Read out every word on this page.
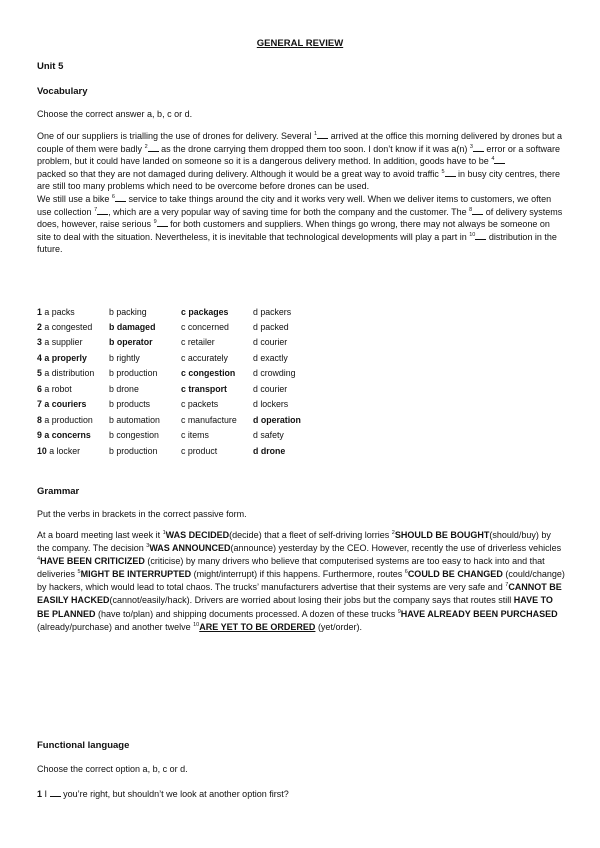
GENERAL REVIEW
Unit 5
Vocabulary
Choose the correct answer a, b, c or d.
One of our suppliers is trialling the use of drones for delivery. Several $^1$ arrived at the office this morning delivered by drones but a couple of them were badly $^2$ as the drone carrying them dropped them too soon. I don’t know if it was a(n) $^3$ error or a software problem, but it could have landed on someone so it is a dangerous delivery method. In addition, goods have to be $^4$
packed so that they are not damaged during delivery. Although it would be a great way to avoid traffic $^5$ in busy city centres, there are still too many problems which need to be overcome before drones can be used.
We still use a bike $^6$ service to take things around the city and it works very well. When we deliver items to customers, we often use collection $^7$ , which are a very popular way of saving time for both the company and the customer. The $^8$ of delivery systems does, however, raise serious $^9$ for both customers and suppliers. When things go wrong, there may not always be someone on site to deal with the situation. Nevertheless, it is inevitable that technological developments will play a part in $^{10}$ distribution in the future.
1 a packs	b packing	c packages	d packers
2 a congested b damaged	c concerned	d packed
3 a supplier	b operator	c retailer	d courier
4 a properly	b rightly	c accurately	d exactly
5 a distribution b production	c congestion d crowding
6 a robot	b drone	c transport	d courier
7 a couriers	b products	c packets	d lockers
8 a production b automation c manufacture d operation
9 a concerns b congestion	c items	d safety
10 a locker	b production	c product	d drone
Grammar
Put the verbs in brackets in the correct passive form.
At a board meeting last week it $^1$WAS DECIDED(decide) that a fleet of self-driving lorries $^2$SHOULD BE BOUGHT(should/buy) by the company. The decision $^3$WAS ANNOUNCED(announce) yesterday by the CEO. However, recently the use of driverless vehicles $^4$HAVE BEEN CRITICIZED (criticise) by many drivers who believe that computerised systems are too easy to hack into and that deliveries $^5$MIGHT BE INTERRUPTED (might/interrupt) if this happens. Furthermore, routes $^6$COULD BE CHANGED (could/change) by hackers, which would lead to total chaos. The trucks’ manufacturers advertise that their systems are very safe and $^7$CANNOT BE EASILY HACKED(cannot/easily/hack). Drivers are worried about losing their jobs but the company says that routes still HAVE TO BE PLANNED (have to/plan) and shipping documents processed. A dozen of these trucks $^9$HAVE ALREADY BEEN PURCHASED (already/purchase) and another twelve $^{10}$ARE YET TO BE ORDERED (yet/order).
Functional language
Choose the correct option a, b, c or d.
1 I you’re right, but shouldn’t we look at another option first?
